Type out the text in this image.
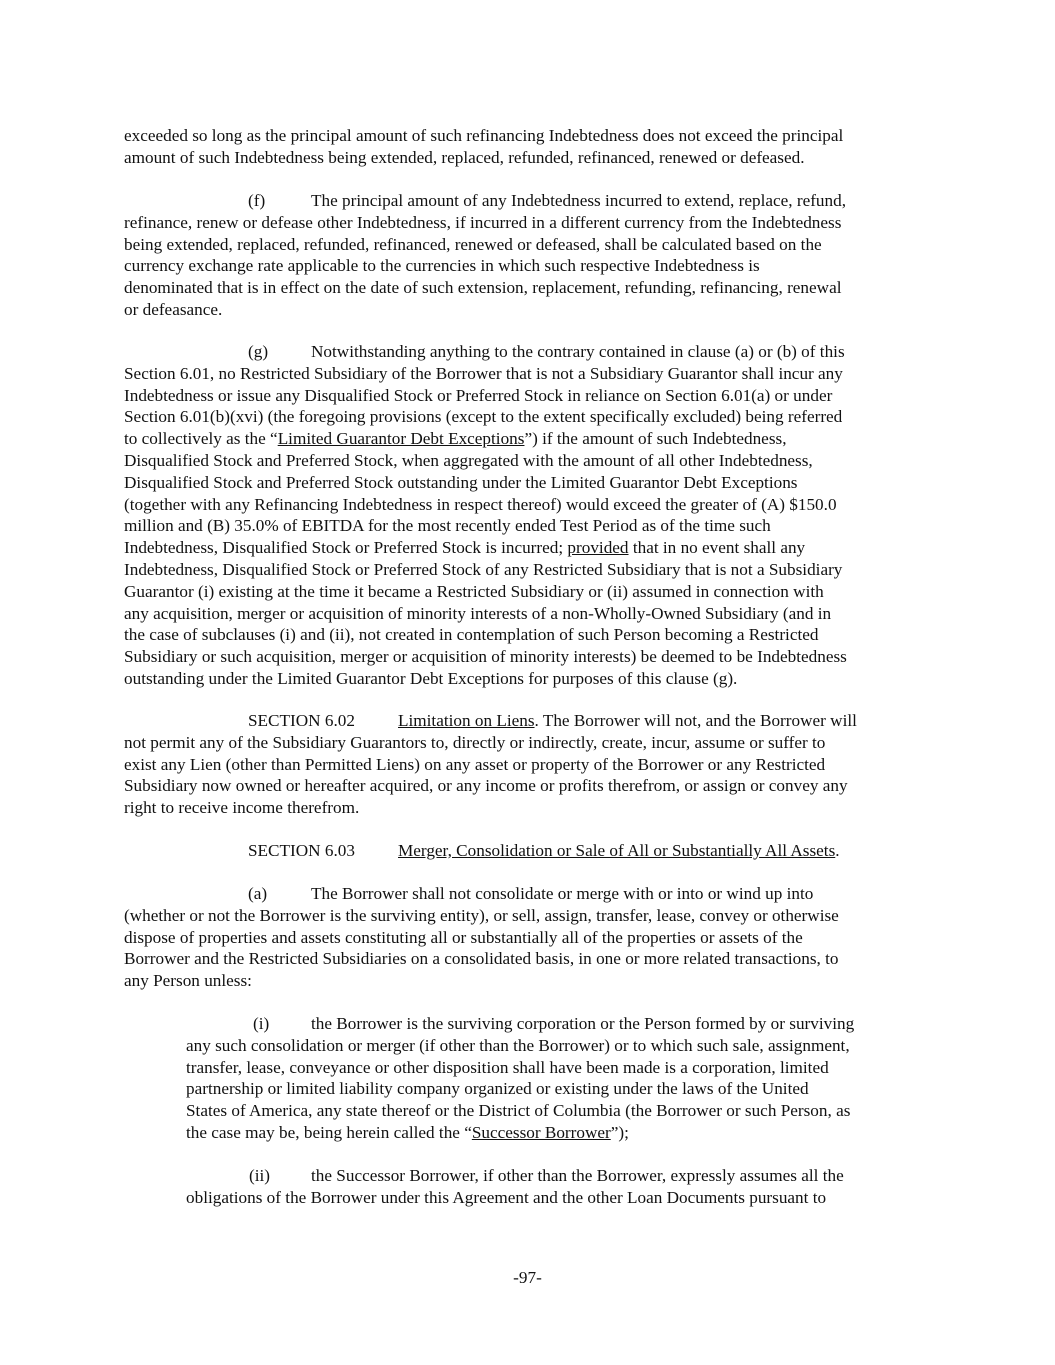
exceeded so long as the principal amount of such refinancing Indebtedness does not exceed the principal
amount of such Indebtedness being extended, replaced, refunded, refinanced, renewed or defeased.
(f)	The principal amount of any Indebtedness incurred to extend, replace, refund,
refinance, renew or defease other Indebtedness, if incurred in a different currency from the Indebtedness
being extended, replaced, refunded, refinanced, renewed or defeased, shall be calculated based on the
currency exchange rate applicable to the currencies in which such respective Indebtedness is
denominated that is in effect on the date of such extension, replacement, refunding, refinancing, renewal
or defeasance.
(g) Notwithstanding anything to the contrary contained in clause (a) or (b) of this
Section 6.01, no Restricted Subsidiary of the Borrower that is not a Subsidiary Guarantor shall incur any
Indebtedness or issue any Disqualified Stock or Preferred Stock in reliance on Section 6.01(a) or under
Section 6.01(b)(xvi) (the foregoing provisions (except to the extent specifically excluded) being referred
to collectively as the “Limited Guarantor Debt Exceptions”) if the amount of such Indebtedness,
Disqualified Stock and Preferred Stock, when aggregated with the amount of all other Indebtedness,
Disqualified Stock and Preferred Stock outstanding under the Limited Guarantor Debt Exceptions
(together with any Refinancing Indebtedness in respect thereof) would exceed the greater of (A) $150.0
million and (B) 35.0% of EBITDA for the most recently ended Test Period as of the time such
Indebtedness, Disqualified Stock or Preferred Stock is incurred; provided that in no event shall any
Indebtedness, Disqualified Stock or Preferred Stock of any Restricted Subsidiary that is not a Subsidiary
Guarantor (i) existing at the time it became a Restricted Subsidiary or (ii) assumed in connection with
any acquisition, merger or acquisition of minority interests of a non-Wholly-Owned Subsidiary (and in
the case of subclauses (i) and (ii), not created in contemplation of such Person becoming a Restricted
Subsidiary or such acquisition, merger or acquisition of minority interests) be deemed to be Indebtedness
outstanding under the Limited Guarantor Debt Exceptions for purposes of this clause (g).
SECTION 6.02	Limitation on Liens. The Borrower will not, and the Borrower will
not permit any of the Subsidiary Guarantors to, directly or indirectly, create, incur, assume or suffer to
exist any Lien (other than Permitted Liens) on any asset or property of the Borrower or any Restricted
Subsidiary now owned or hereafter acquired, or any income or profits therefrom, or assign or convey any
right to receive income therefrom.
SECTION 6.03	Merger, Consolidation or Sale of All or Substantially All Assets.
(a)	The Borrower shall not consolidate or merge with or into or wind up into
(whether or not the Borrower is the surviving entity), or sell, assign, transfer, lease, convey or otherwise
dispose of properties and assets constituting all or substantially all of the properties or assets of the
Borrower and the Restricted Subsidiaries on a consolidated basis, in one or more related transactions, to
any Person unless:
(i) the Borrower is the surviving corporation or the Person formed by or surviving
any such consolidation or merger (if other than the Borrower) or to which such sale, assignment,
transfer, lease, conveyance or other disposition shall have been made is a corporation, limited
partnership or limited liability company organized or existing under the laws of the United
States of America, any state thereof or the District of Columbia (the Borrower or such Person, as
the case may be, being herein called the “Successor Borrower”);
(ii) the Successor Borrower, if other than the Borrower, expressly assumes all the
obligations of the Borrower under this Agreement and the other Loan Documents pursuant to
-97-
